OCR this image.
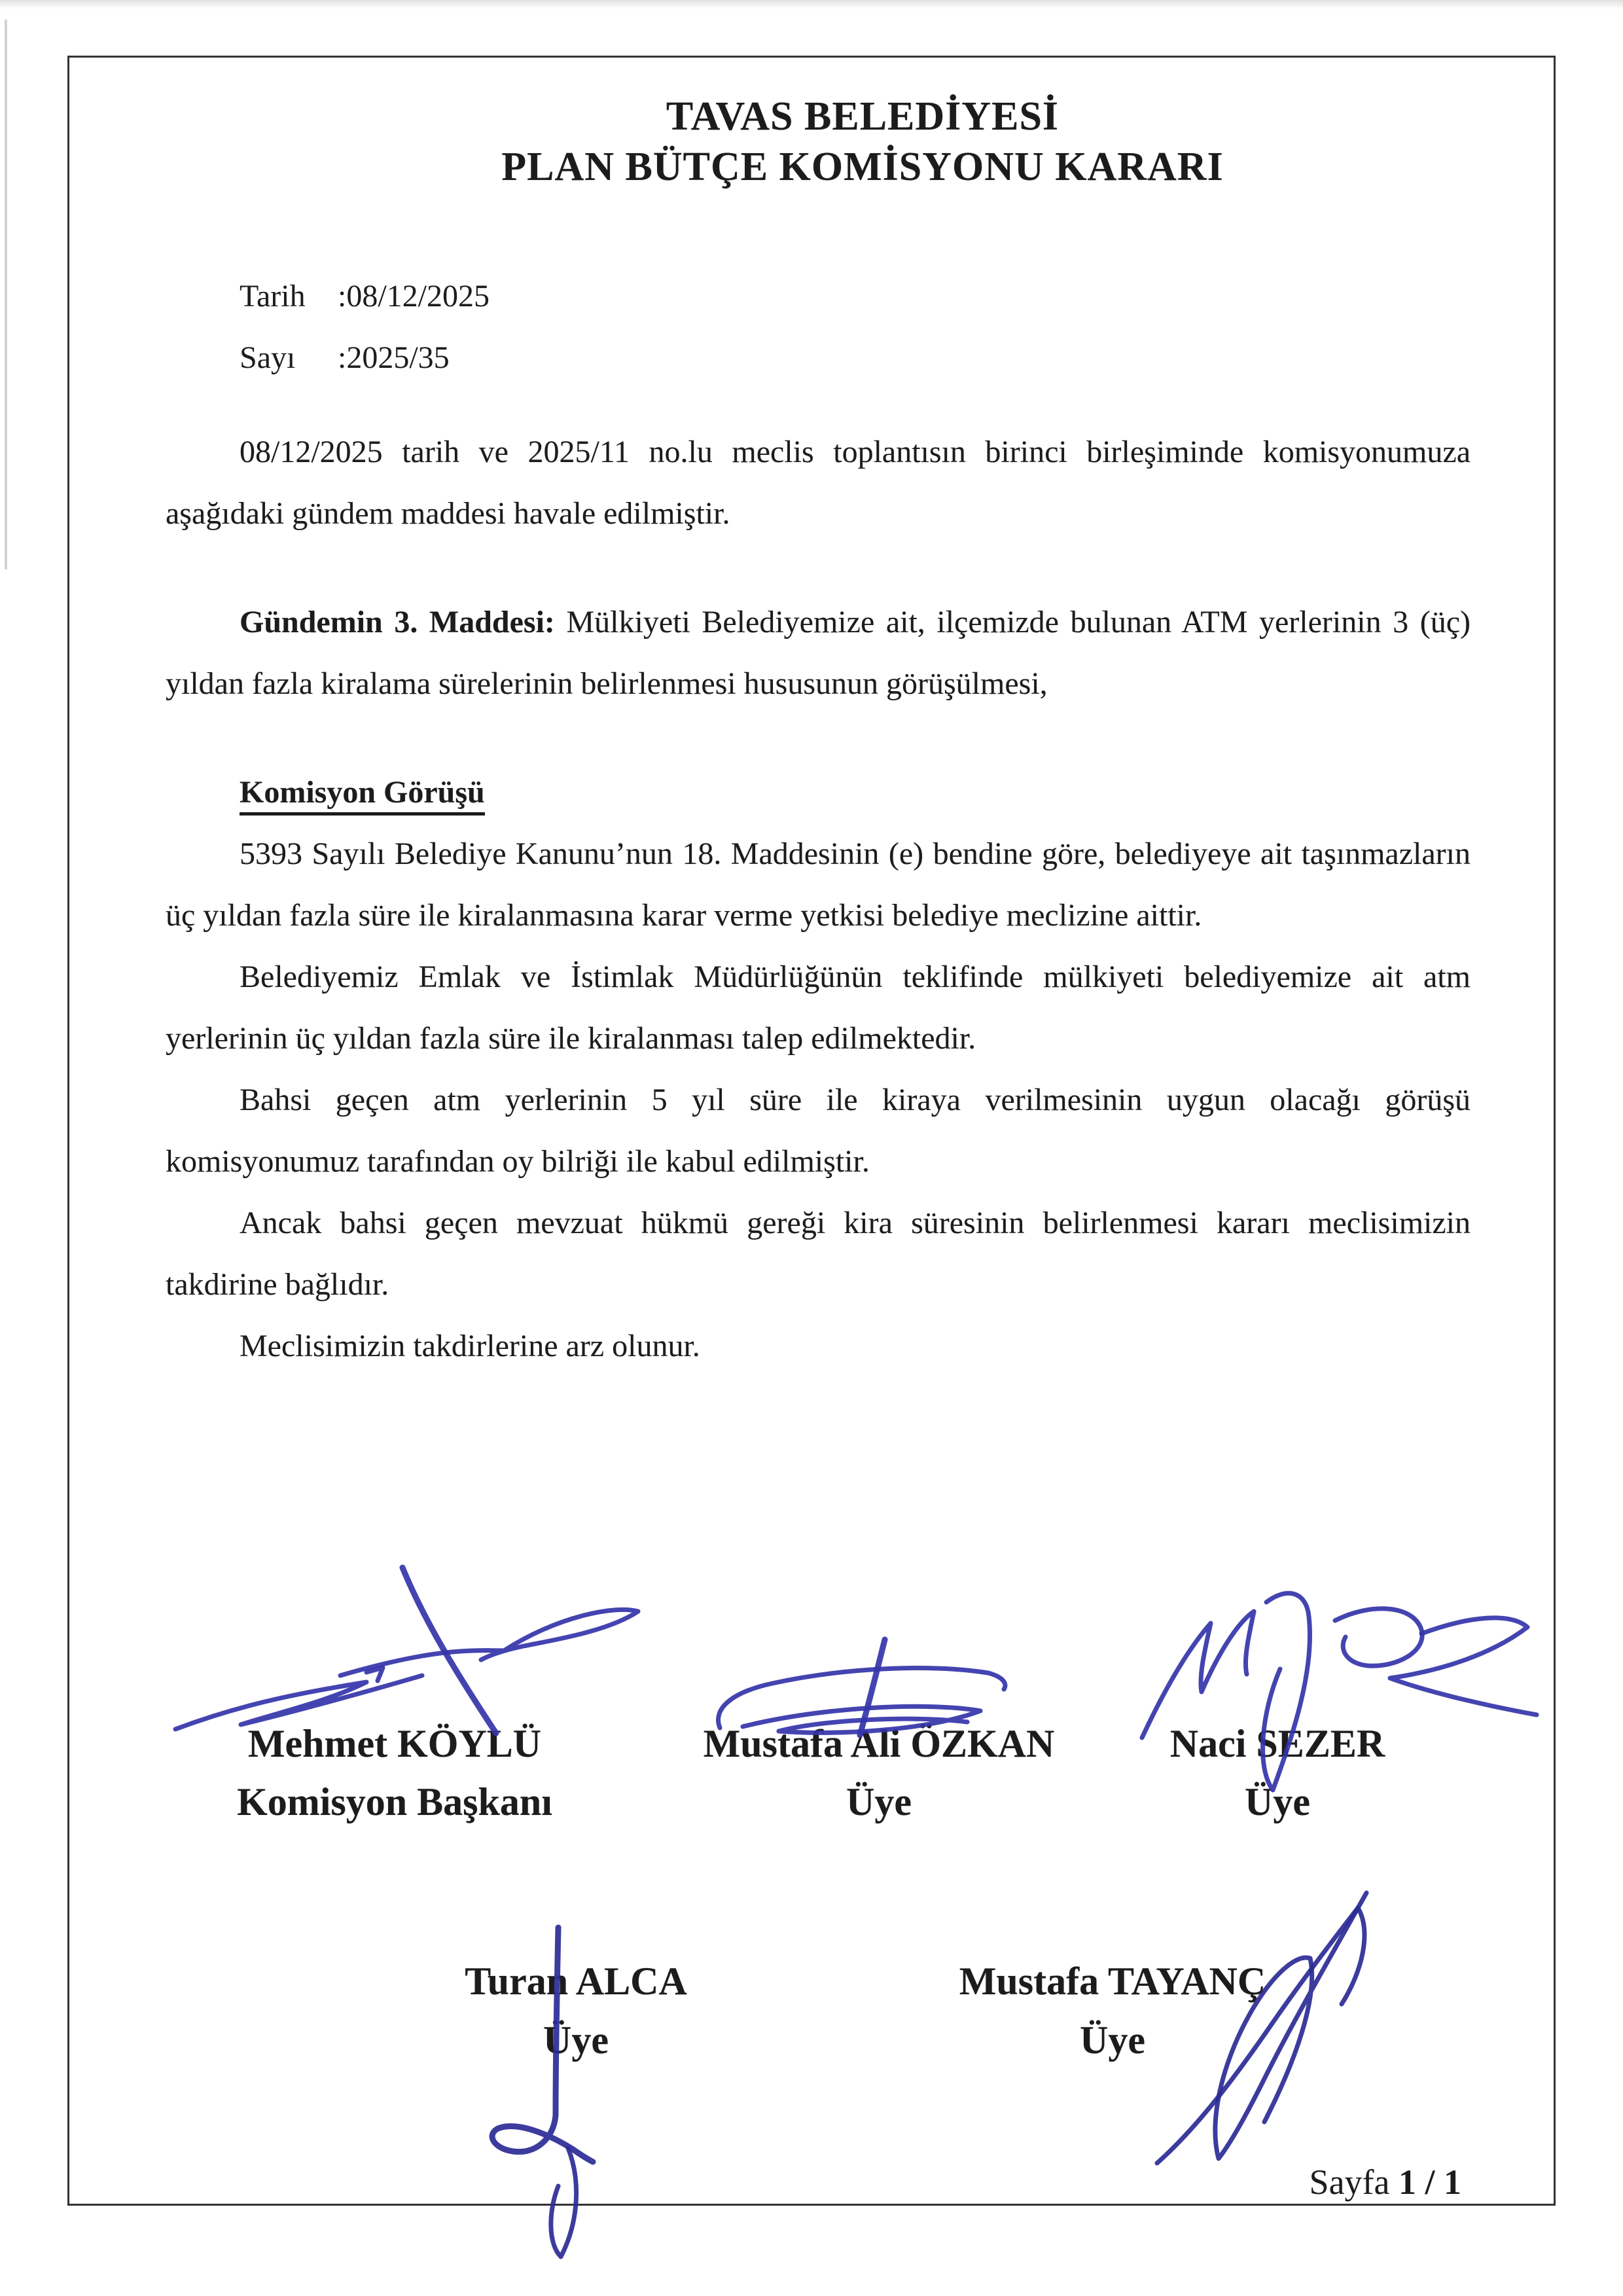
TAVAS BELEDİYESİ
PLAN BÜTÇE KOMİSYONU KARARI
Tarih :08/12/2025
Sayı :2025/35

08/12/2025 tarih ve 2025/11 no.lu meclis toplantısın birinci birleşiminde komisyonumuza aşağıdaki gündem maddesi havale edilmiştir.

Gündemin 3. Maddesi: Mülkiyeti Belediyemize ait, ilçemizde bulunan ATM yerlerinin 3 (üç) yıldan fazla kiralama sürelerinin belirlenmesi hususunun görüşülmesi,

Komisyon Görüşü

5393 Sayılı Belediye Kanunu’nun 18. Maddesinin (e) bendine göre, belediyeye ait taşınmazların üç yıldan fazla süre ile kiralanmasına karar verme yetkisi belediye meclizine aittir.

Belediyemiz Emlak ve İstimlak Müdürlüğünün teklifinde mülkiyeti belediyemize ait atm yerlerinin üç yıldan fazla süre ile kiralanması talep edilmektedir.

Bahsi geçen atm yerlerinin 5 yıl süre ile kiraya verilmesinin uygun olacağı görüşü komisyonumuz tarafından oy bilriği ile kabul edilmiştir.

Ancak bahsi geçen mevzuat hükmü gereği kira süresinin belirlenmesi kararı meclisimizin takdirine bağlıdır.

Meclisimizin takdirlerine arz olunur.

Mehmet KÖYLÜ
Komisyon Başkanı
Mustafa Ali ÖZKAN
Üye
Naci SEZER
Üye
Turan ALCA
Üye
Mustafa TAYANÇ
Üye
Sayfa 1 / 1
